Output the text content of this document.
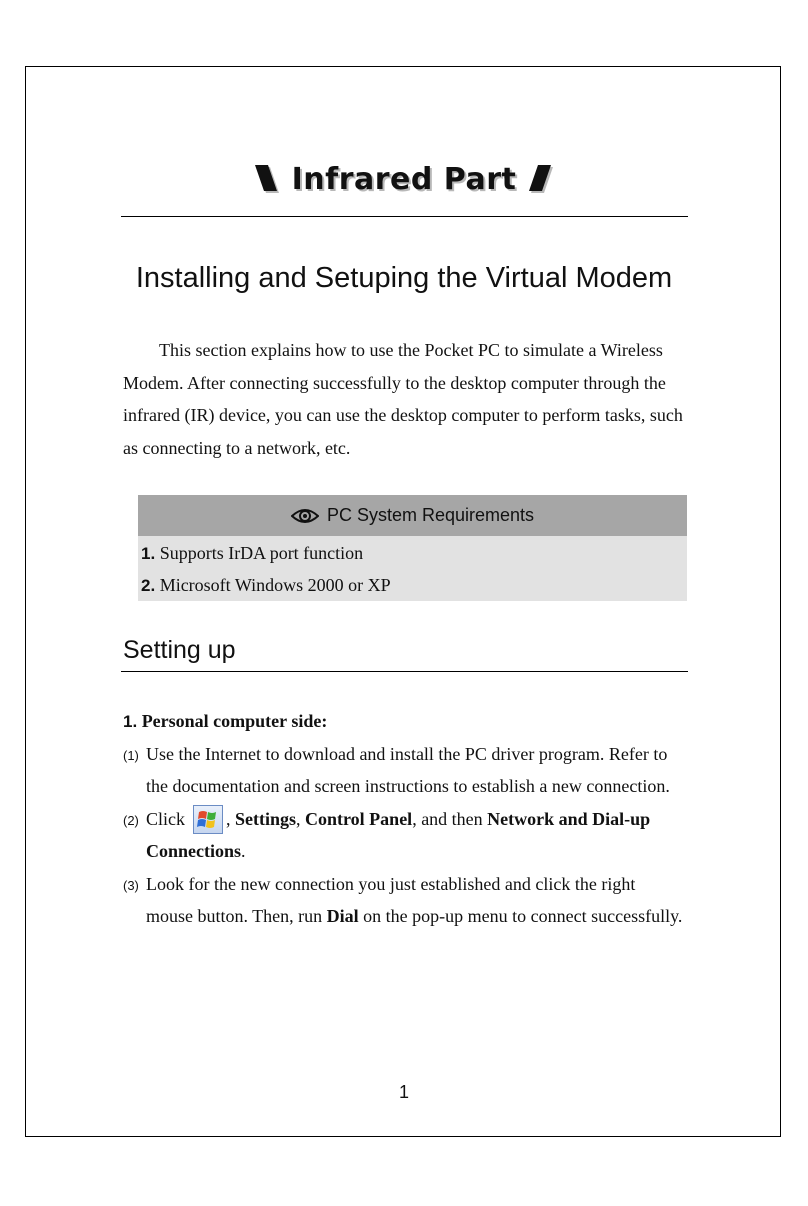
Infrared Part
Installing and Setuping the Virtual Modem
This section explains how to use the Pocket PC to simulate a Wireless
Modem. After connecting successfully to the desktop computer through the
infrared (IR) device, you can use the desktop computer to perform tasks, such
as connecting to a network, etc.
PC System Requirements
1. Supports IrDA port function
2. Microsoft Windows 2000 or XP
Setting up
1. Personal computer side:
(1) Use the Internet to download and install the PC driver program. Refer to
the documentation and screen instructions to establish a new connection.
(2) Click , Settings, Control Panel, and then Network and Dial-up
Connections.
(3) Look for the new connection you just established and click the right
mouse button. Then, run Dial on the pop-up menu to connect successfully.
1
